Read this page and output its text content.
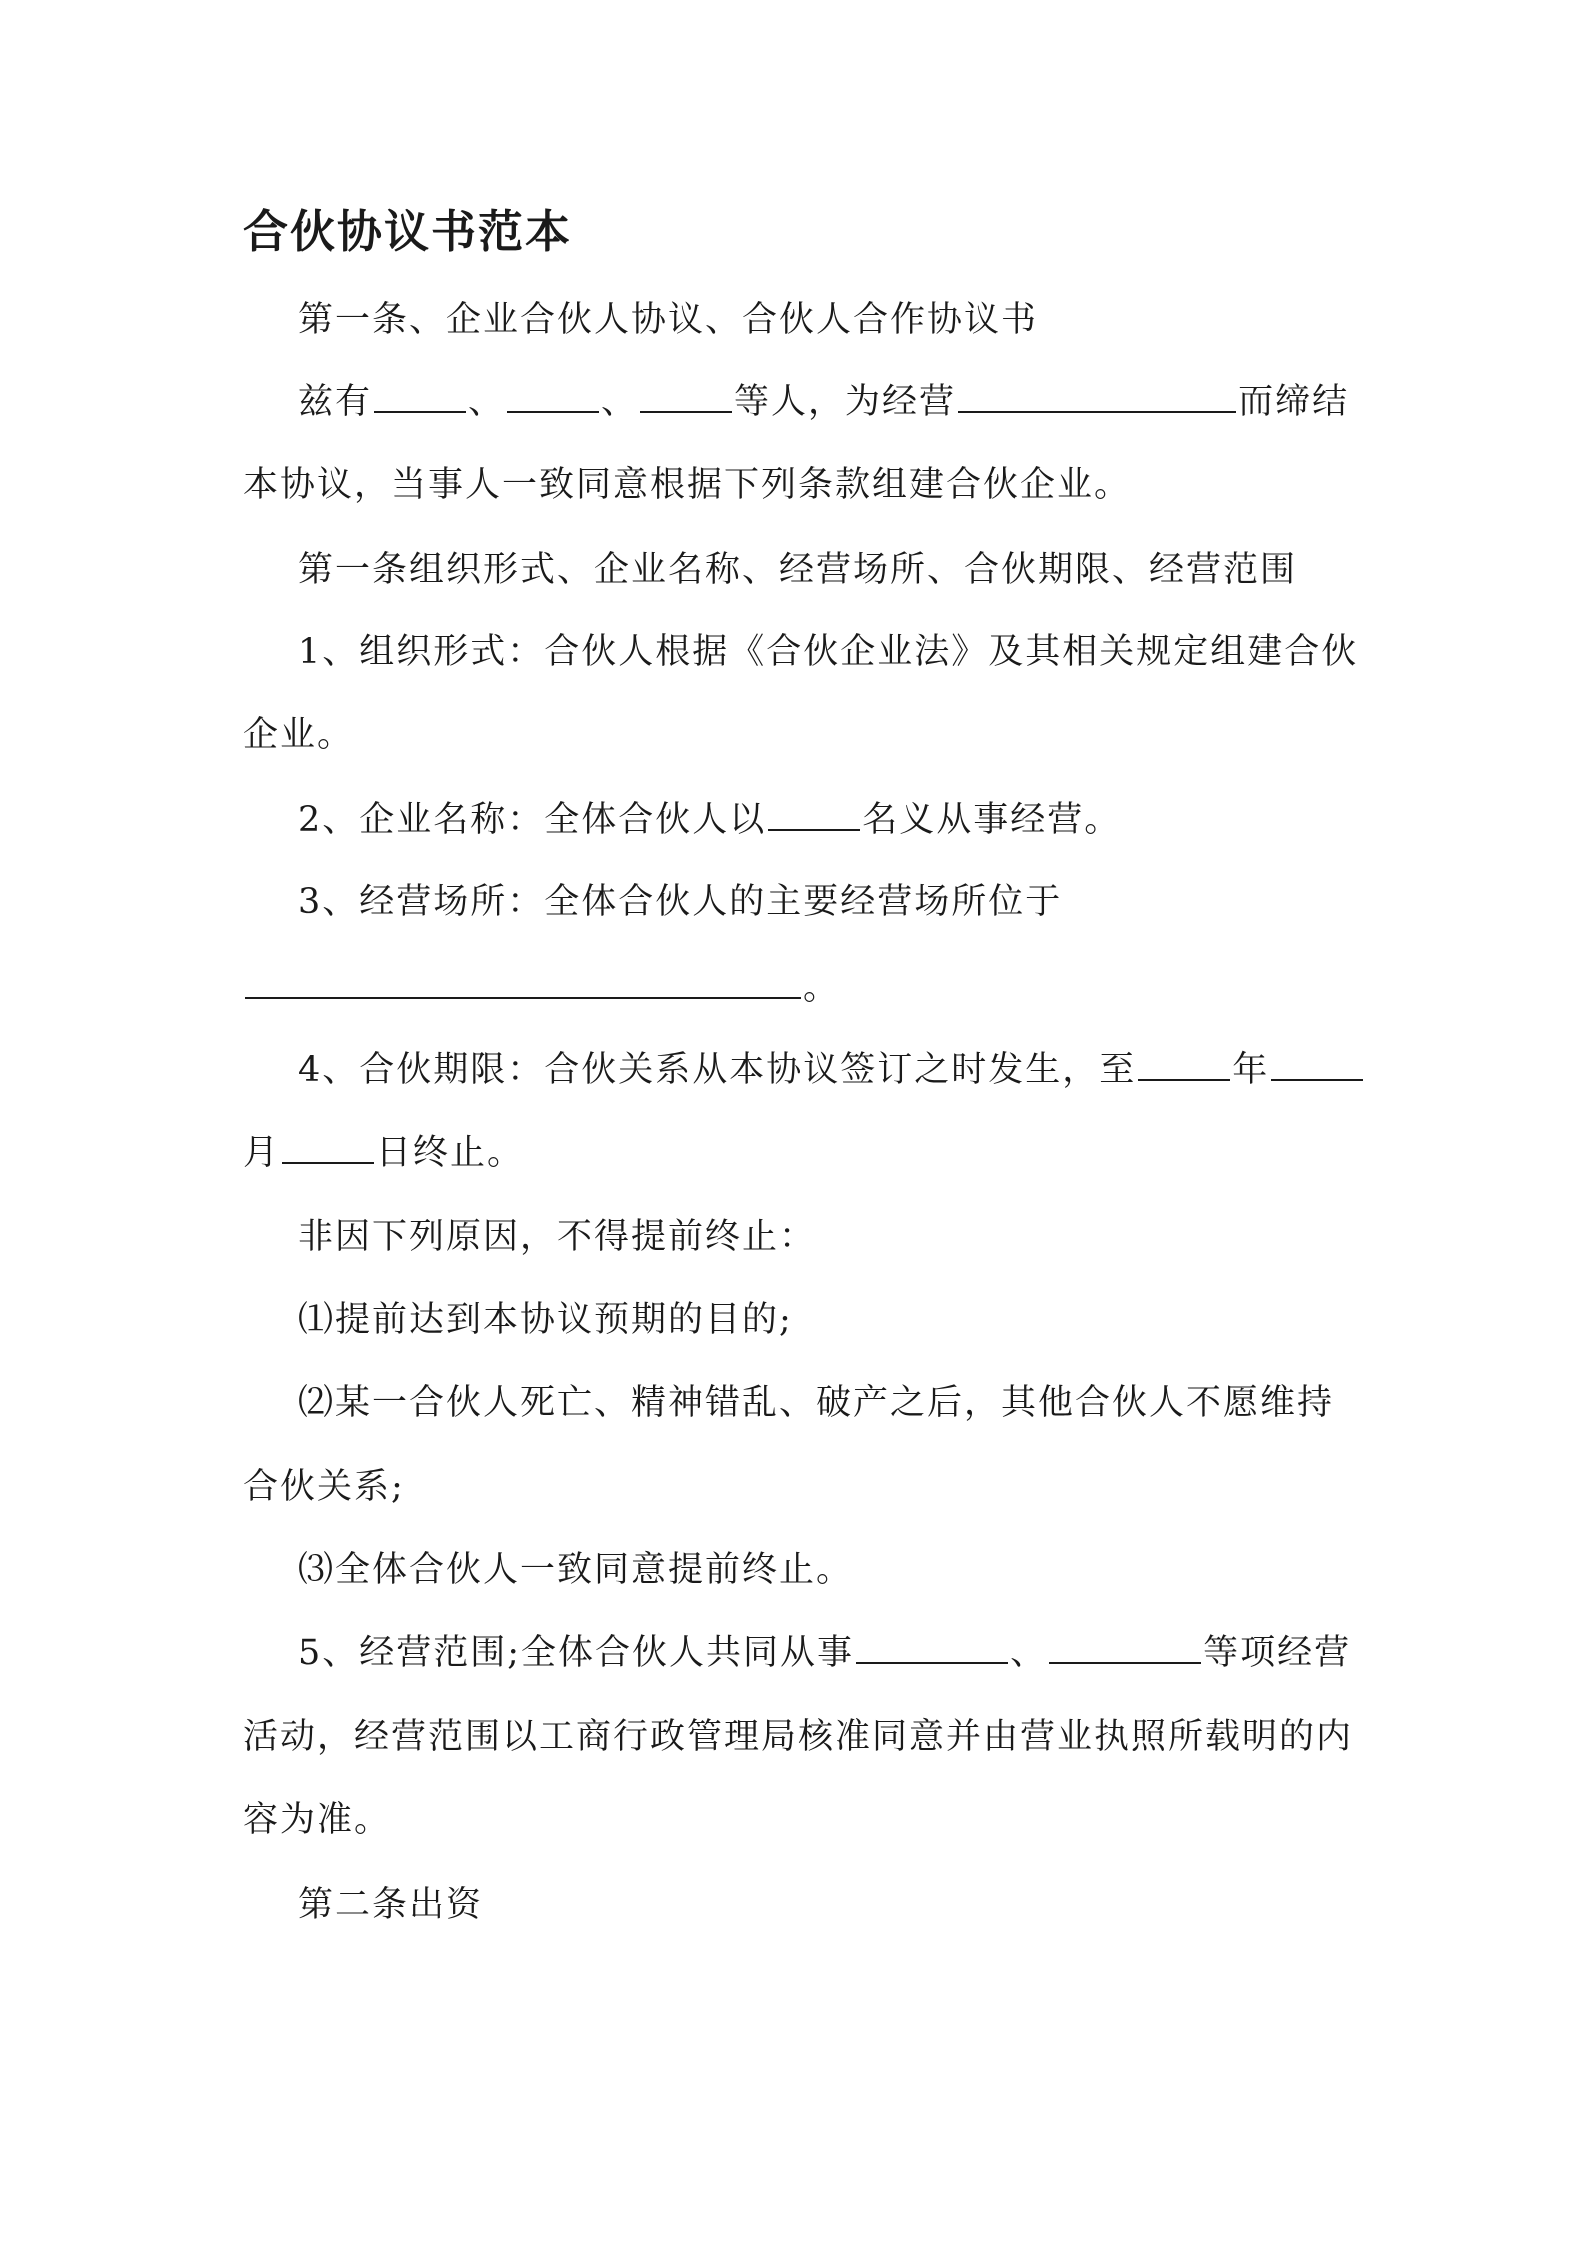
合伙协议书范本
第一条、企业合伙人协议、合伙人合作协议书
兹有	、	、	等人，为经营	而缔结
本协议，当事人一致同意根据下列条款组建合伙企业。
第一条组织形式、企业名称、经营场所、合伙期限、经营范围
1、组织形式：合伙人根据《合伙企业法》及其相关规定组建合伙
企业。
2、企业名称：全体合伙人以	名义从事经营。
3、经营场所：全体合伙人的主要经营场所位于
。
4、合伙期限：合伙关系从本协议签订之时发生，至	年
月	日终止。
非因下列原因，不得提前终止：
⑴提前达到本协议预期的目的;
⑵某一合伙人死亡、精神错乱、破产之后，其他合伙人不愿维持
合伙关系;
⑶全体合伙人一致同意提前终止。
5、经营范围;全体合伙人共同从事	、	等项经营
活动，经营范围以工商行政管理局核准同意并由营业执照所载明的内
容为准。
第二条出资
